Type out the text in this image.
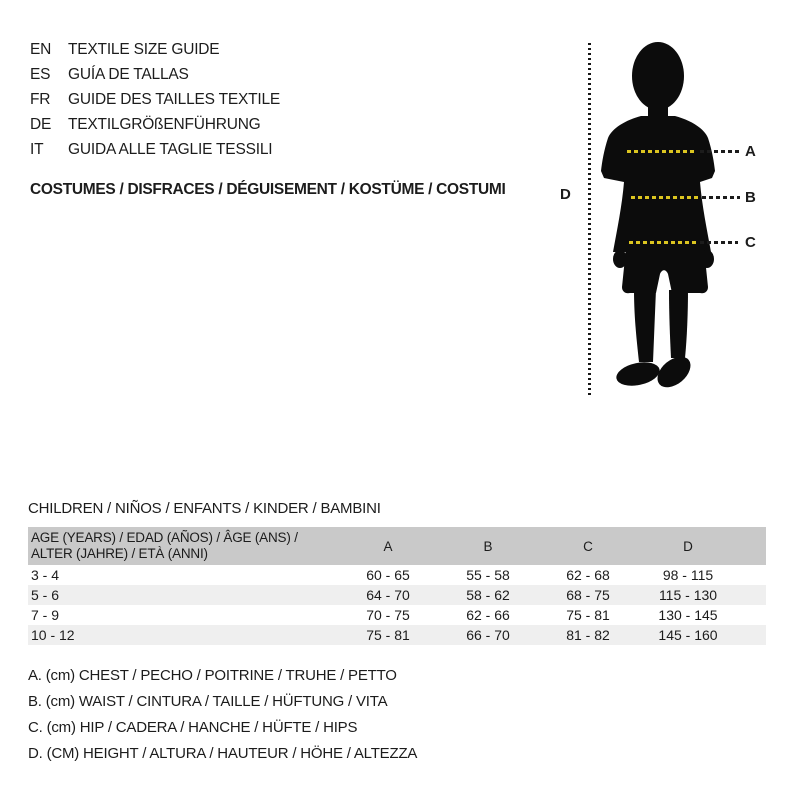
EN	TEXTILE SIZE GUIDE
ES	GUÍA DE TALLAS
FR	GUIDE DES TAILLES TEXTILE
DE	TEXTILGRÖßENFÜHRUNG
IT	GUIDA ALLE TAGLIE TESSILI
COSTUMES / DISFRACES / DÉGUISEMENT / KOSTÜME / COSTUMI	D
A
B
C
CHILDREN / NIÑOS / ENFANTS / KINDER / BAMBINI
AGE (YEARS) / EDAD (AÑOS) / ÂGE (ANS) /
ALTER (JAHRE) / ETÀ (ANNI)	A	B	C	D
3 - 4	60 - 65	55 - 58	62 - 68	98 - 115
5 - 6	64 - 70	58 - 62	68 - 75	115 - 130
7 - 9	70 - 75	62 - 66	75 - 81	130 - 145
10 - 12	75 - 81	66 - 70	81 - 82	145 - 160
A. (cm) CHEST / PECHO / POITRINE / TRUHE / PETTO
B. (cm) WAIST / CINTURA / TAILLE / HÜFTUNG / VITA
C. (cm) HIP / CADERA / HANCHE / HÜFTE / HIPS
D. (CM) HEIGHT / ALTURA / HAUTEUR / HÖHE / ALTEZZA
